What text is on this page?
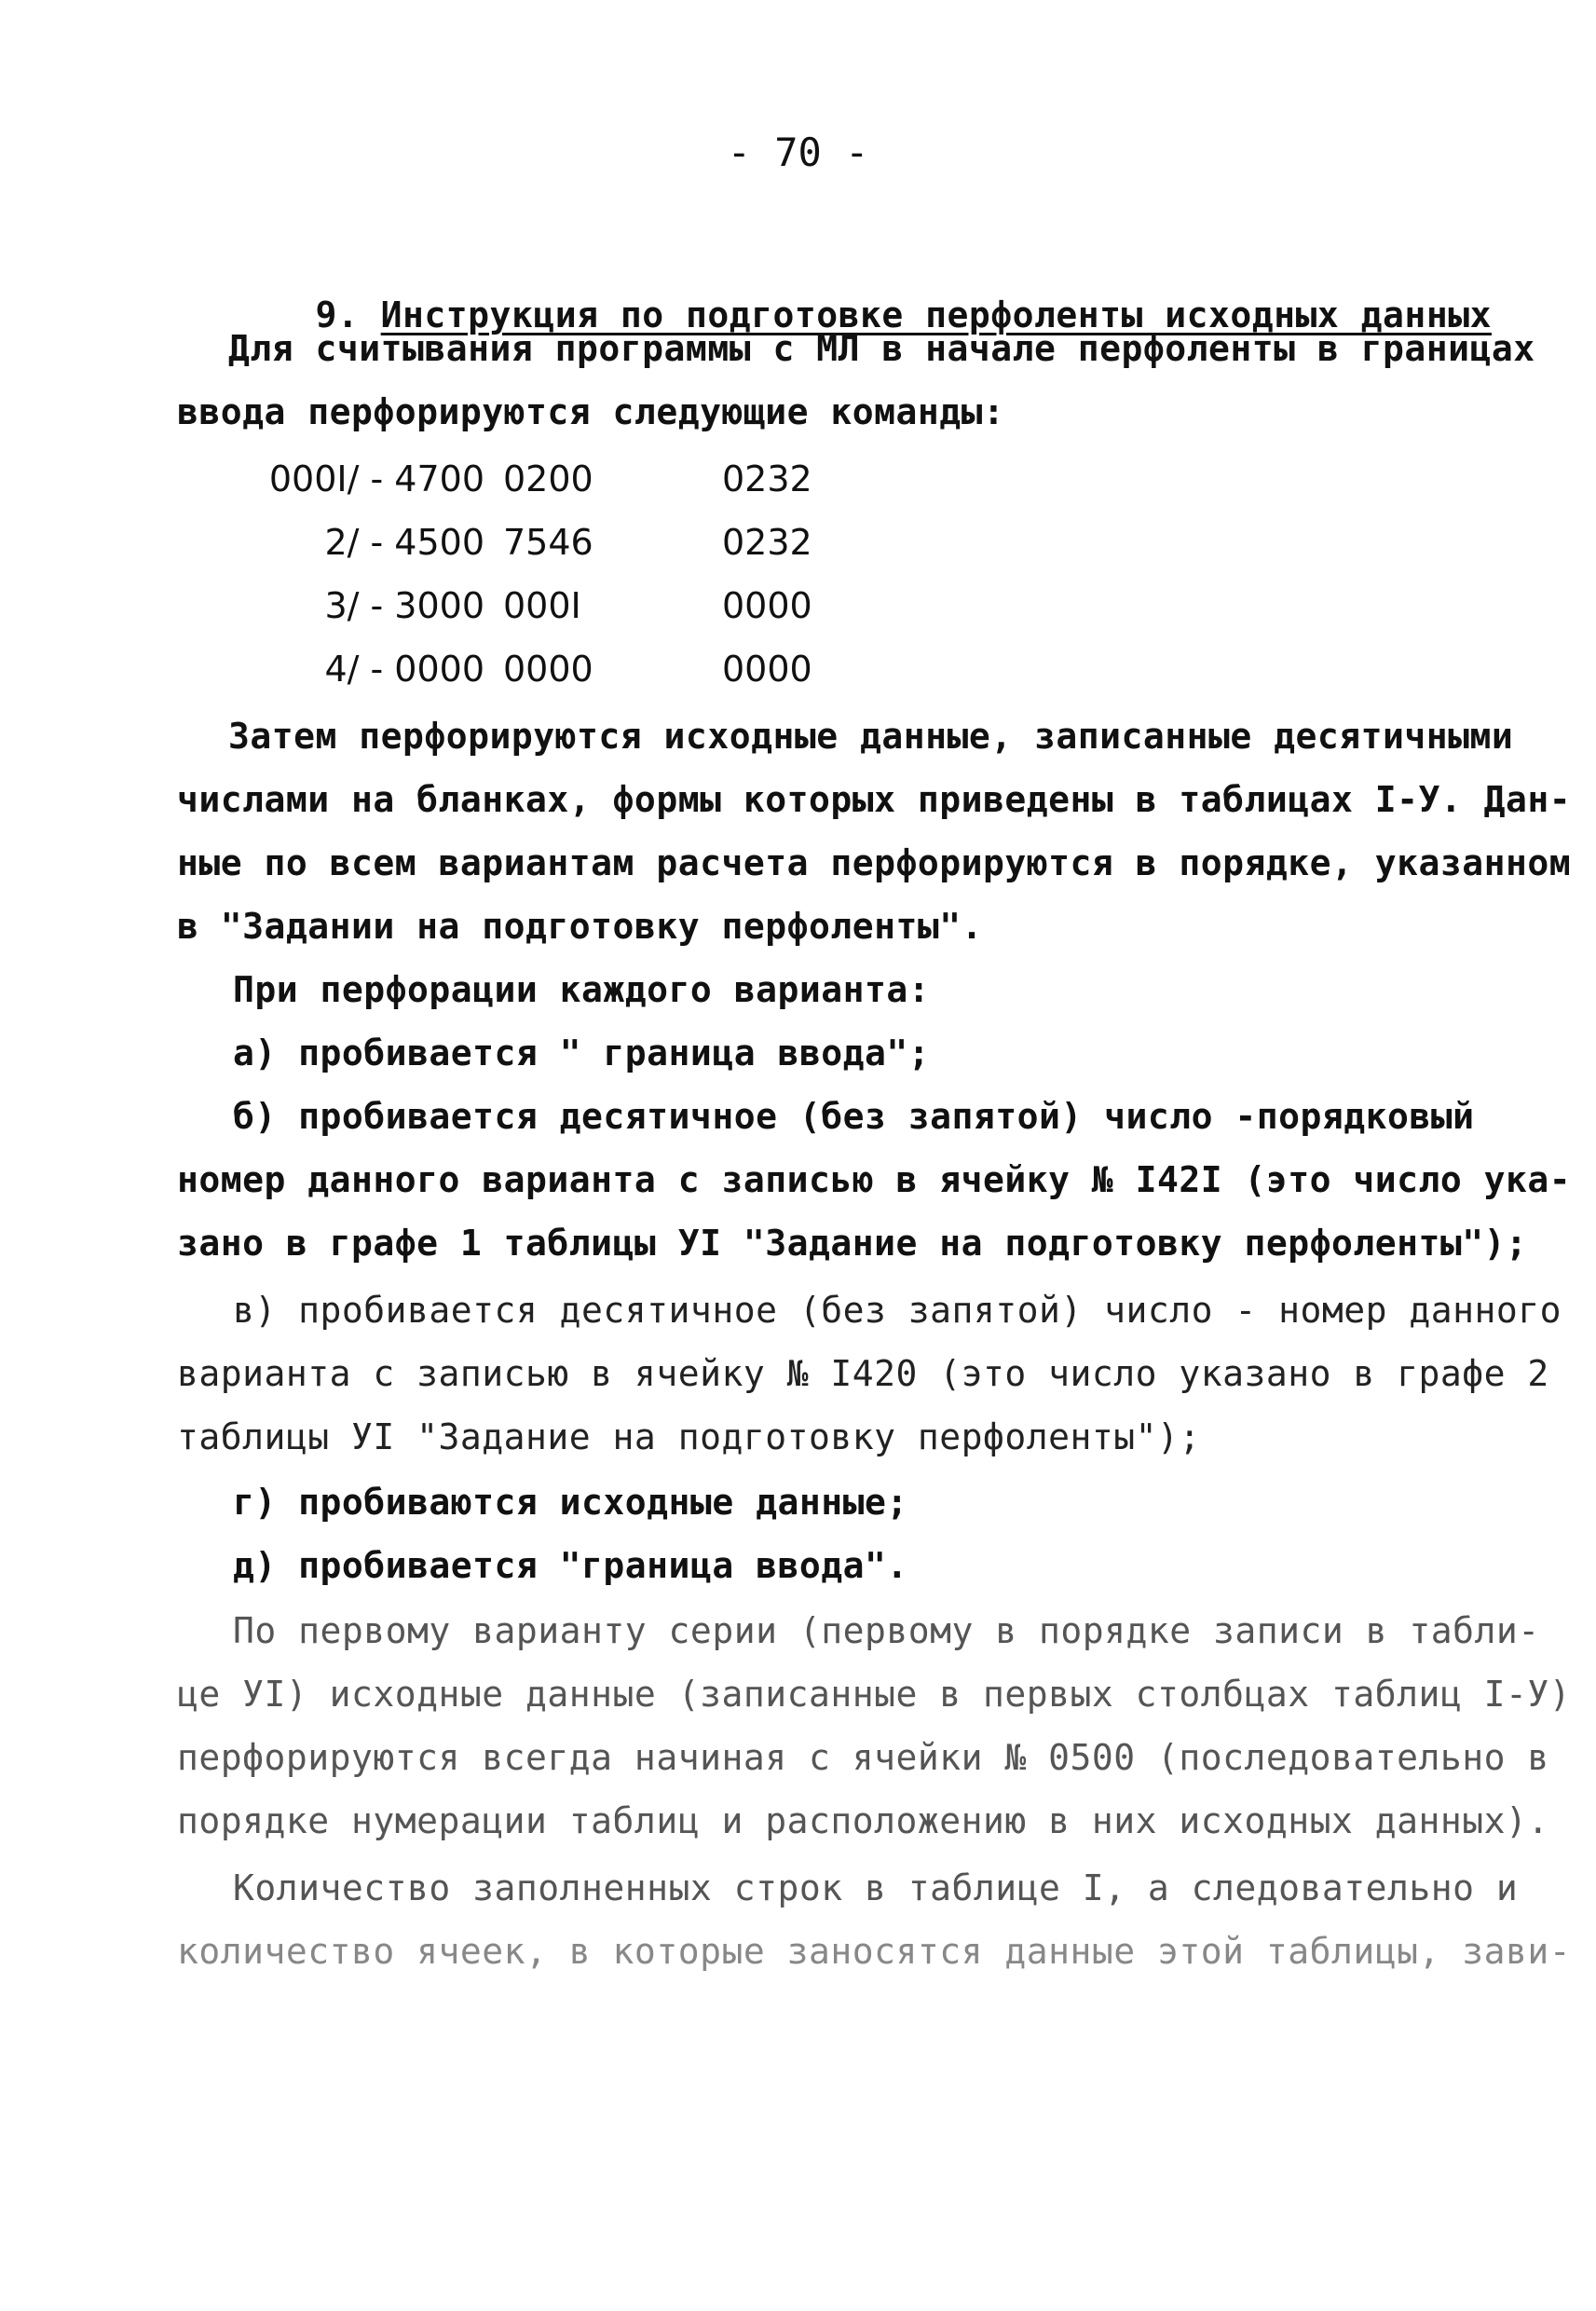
- 70 -

9. Инструкция по подготовке перфоленты исходных данных

Для считывания программы с МЛ в начале перфоленты в границах
ввода перфорируются следующие команды:
000I/ - 4700 0200	0232
2/ - 4500 7546	0232
3/ - 3000 000I	0000
4/ - 0000 0000	0000
Затем перфорируются исходные данные, записанные десятичными
числами на бланках, формы которых приведены в таблицах I-У. Дан-
ные по всем вариантам расчета перфорируются в порядке, указанном
в "Задании на подготовку перфоленты".
При перфорации каждого варианта:
а) пробивается " граница ввода";
б) пробивается десятичное (без запятой) число -порядковый
номер данного варианта с записью в ячейку № I42I (это число ука-
зано в графе 1 таблицы УI "Задание на подготовку перфоленты");
в) пробивается десятичное (без запятой) число - номер данного
варианта с записью в ячейку № I420 (это число указано в графе 2
таблицы УI "Задание на подготовку перфоленты");
г) пробиваются исходные данные;
д) пробивается "граница ввода".
По первому варианту серии (первому в порядке записи в табли-
це УI) исходные данные (записанные в первых столбцах таблиц I-У)
перфорируются всегда начиная с ячейки № 0500 (последовательно в
порядке нумерации таблиц и расположению в них исходных данных).
Количество заполненных строк в таблице I, а следовательно и
количество ячеек, в которые заносятся данные этой таблицы, зави-
